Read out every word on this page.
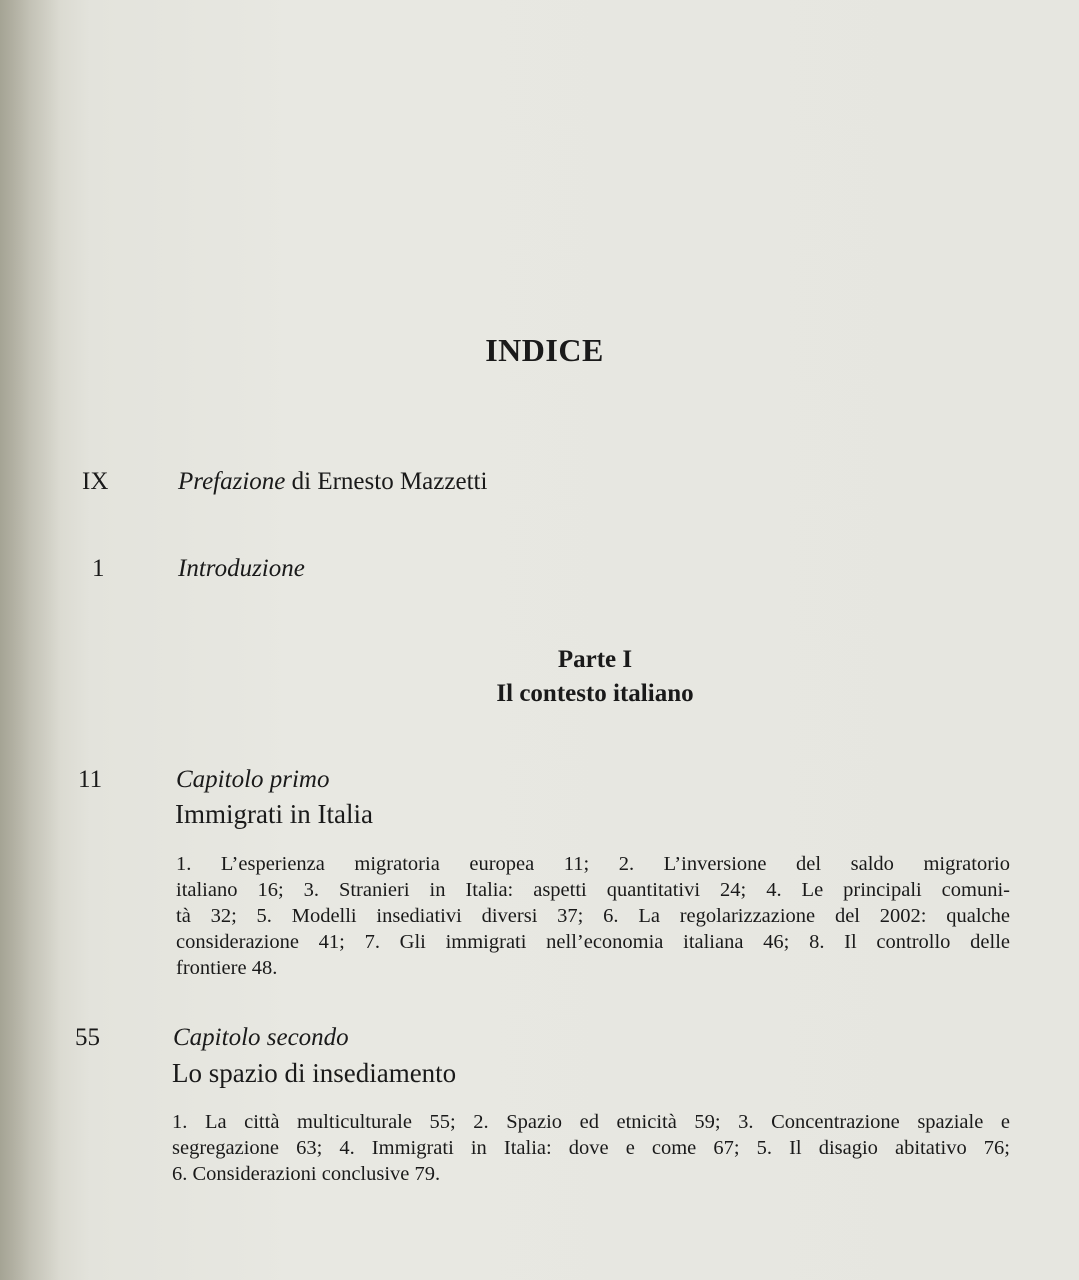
INDICE
IX	Prefazione di Ernesto Mazzetti
1	Introduzione
Parte I
Il contesto italiano
11	Capitolo primo
Immigrati in Italia
1. L’esperienza migratoria europea 11; 2. L’inversione del saldo migratorio
italiano 16; 3. Stranieri in Italia: aspetti quantitativi 24; 4. Le principali comuni-
tà 32; 5. Modelli insediativi diversi 37; 6. La regolarizzazione del 2002: qualche
considerazione 41; 7. Gli immigrati nell’economia italiana 46; 8. Il controllo delle
frontiere 48.
55	Capitolo secondo
Lo spazio di insediamento
1. La città multiculturale 55; 2. Spazio ed etnicità 59; 3. Concentrazione spaziale e
segregazione 63; 4. Immigrati in Italia: dove e come 67; 5. Il disagio abitativo 76;
6. Considerazioni conclusive 79.
